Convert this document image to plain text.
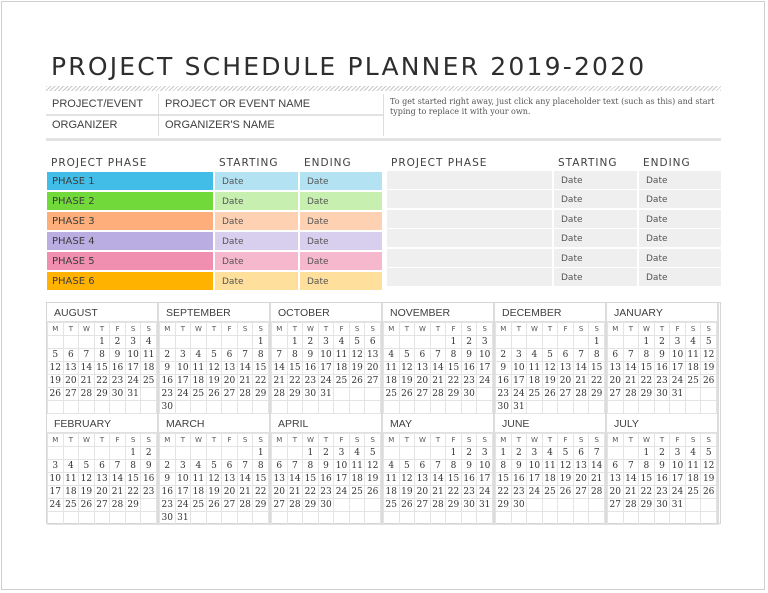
PROJECT SCHEDULE PLANNER 2019-2020
PROJECT/EVENT PROJECT OR EVENT NAME
ORGANIZER	ORGANIZER'S NAME
To get started right away, just click any placeholder text (such as this) and start typing to replace it with your own.
PROJECT PHASE	STARTING ENDING	PROJECT PHASE	STARTING ENDING
PHASE 1	Date	Date
PHASE 2	Date	Date
PHASE 3	Date	Date
PHASE 4	Date	Date
PHASE 5	Date	Date
PHASE 6	Date	Date
Date	Date
Date	Date
Date	Date
Date	Date
Date	Date
Date	Date
AUGUST
M	T	W	T	F	S	S
			1	2	3	4
5	6	7	8	9	10	11
12	13	14	15	16	17	18
19	20	21	22	23	24	25
26	27	28	29	30	31	

SEPTEMBER
M	T	W	T	F	S	S
						1
2	3	4	5	6	7	8
9	10	11	12	13	14	15
16	17	18	19	20	21	22
23	24	25	26	27	28	29
30						
OCTOBER
M	T	W	T	F	S	S
	1	2	3	4	5	6
7	8	9	10	11	12	13
14	15	16	17	18	19	20
21	22	23	24	25	26	27
28	29	30	31			

NOVEMBER
M	T	W	T	F	S	S
				1	2	3
4	5	6	7	8	9	10
11	12	13	14	15	16	17
18	19	20	21	22	23	24
25	26	27	28	29	30	

DECEMBER
M	T	W	T	F	S	S
						1
2	3	4	5	6	7	8
9	10	11	12	13	14	15
16	17	18	19	20	21	22
23	24	25	26	27	28	29
30	31					
JANUARY
M	T	W	T	F	S	S
		1	2	3	4	5
6	7	8	9	10	11	12
13	14	15	16	17	18	19
20	21	22	23	24	25	26
27	28	29	30	31		

FEBRUARY
M	T	W	T	F	S	S
					1	2
3	4	5	6	7	8	9
10	11	12	13	14	15	16
17	18	19	20	21	22	23
24	25	26	27	28	29	

MARCH
M	T	W	T	F	S	S
						1
2	3	4	5	6	7	8
9	10	11	12	13	14	15
16	17	18	19	20	21	22
23	24	25	26	27	28	29
30	31					
APRIL
M	T	W	T	F	S	S
		1	2	3	4	5
6	7	8	9	10	11	12
13	14	15	16	17	18	19
20	21	22	23	24	25	26
27	28	29	30			

MAY
M	T	W	T	F	S	S
				1	2	3
4	5	6	7	8	9	10
11	12	13	14	15	16	17
18	19	20	21	22	23	24
25	26	27	28	29	30	31

JUNE
M	T	W	T	F	S	S
1	2	3	4	5	6	7
8	9	10	11	12	13	14
15	16	17	18	19	20	21
22	23	24	25	26	27	28
29	30					

JULY
M	T	W	T	F	S	S
		1	2	3	4	5
6	7	8	9	10	11	12
13	14	15	16	17	18	19
20	21	22	23	24	25	26
27	28	29	30	31		
